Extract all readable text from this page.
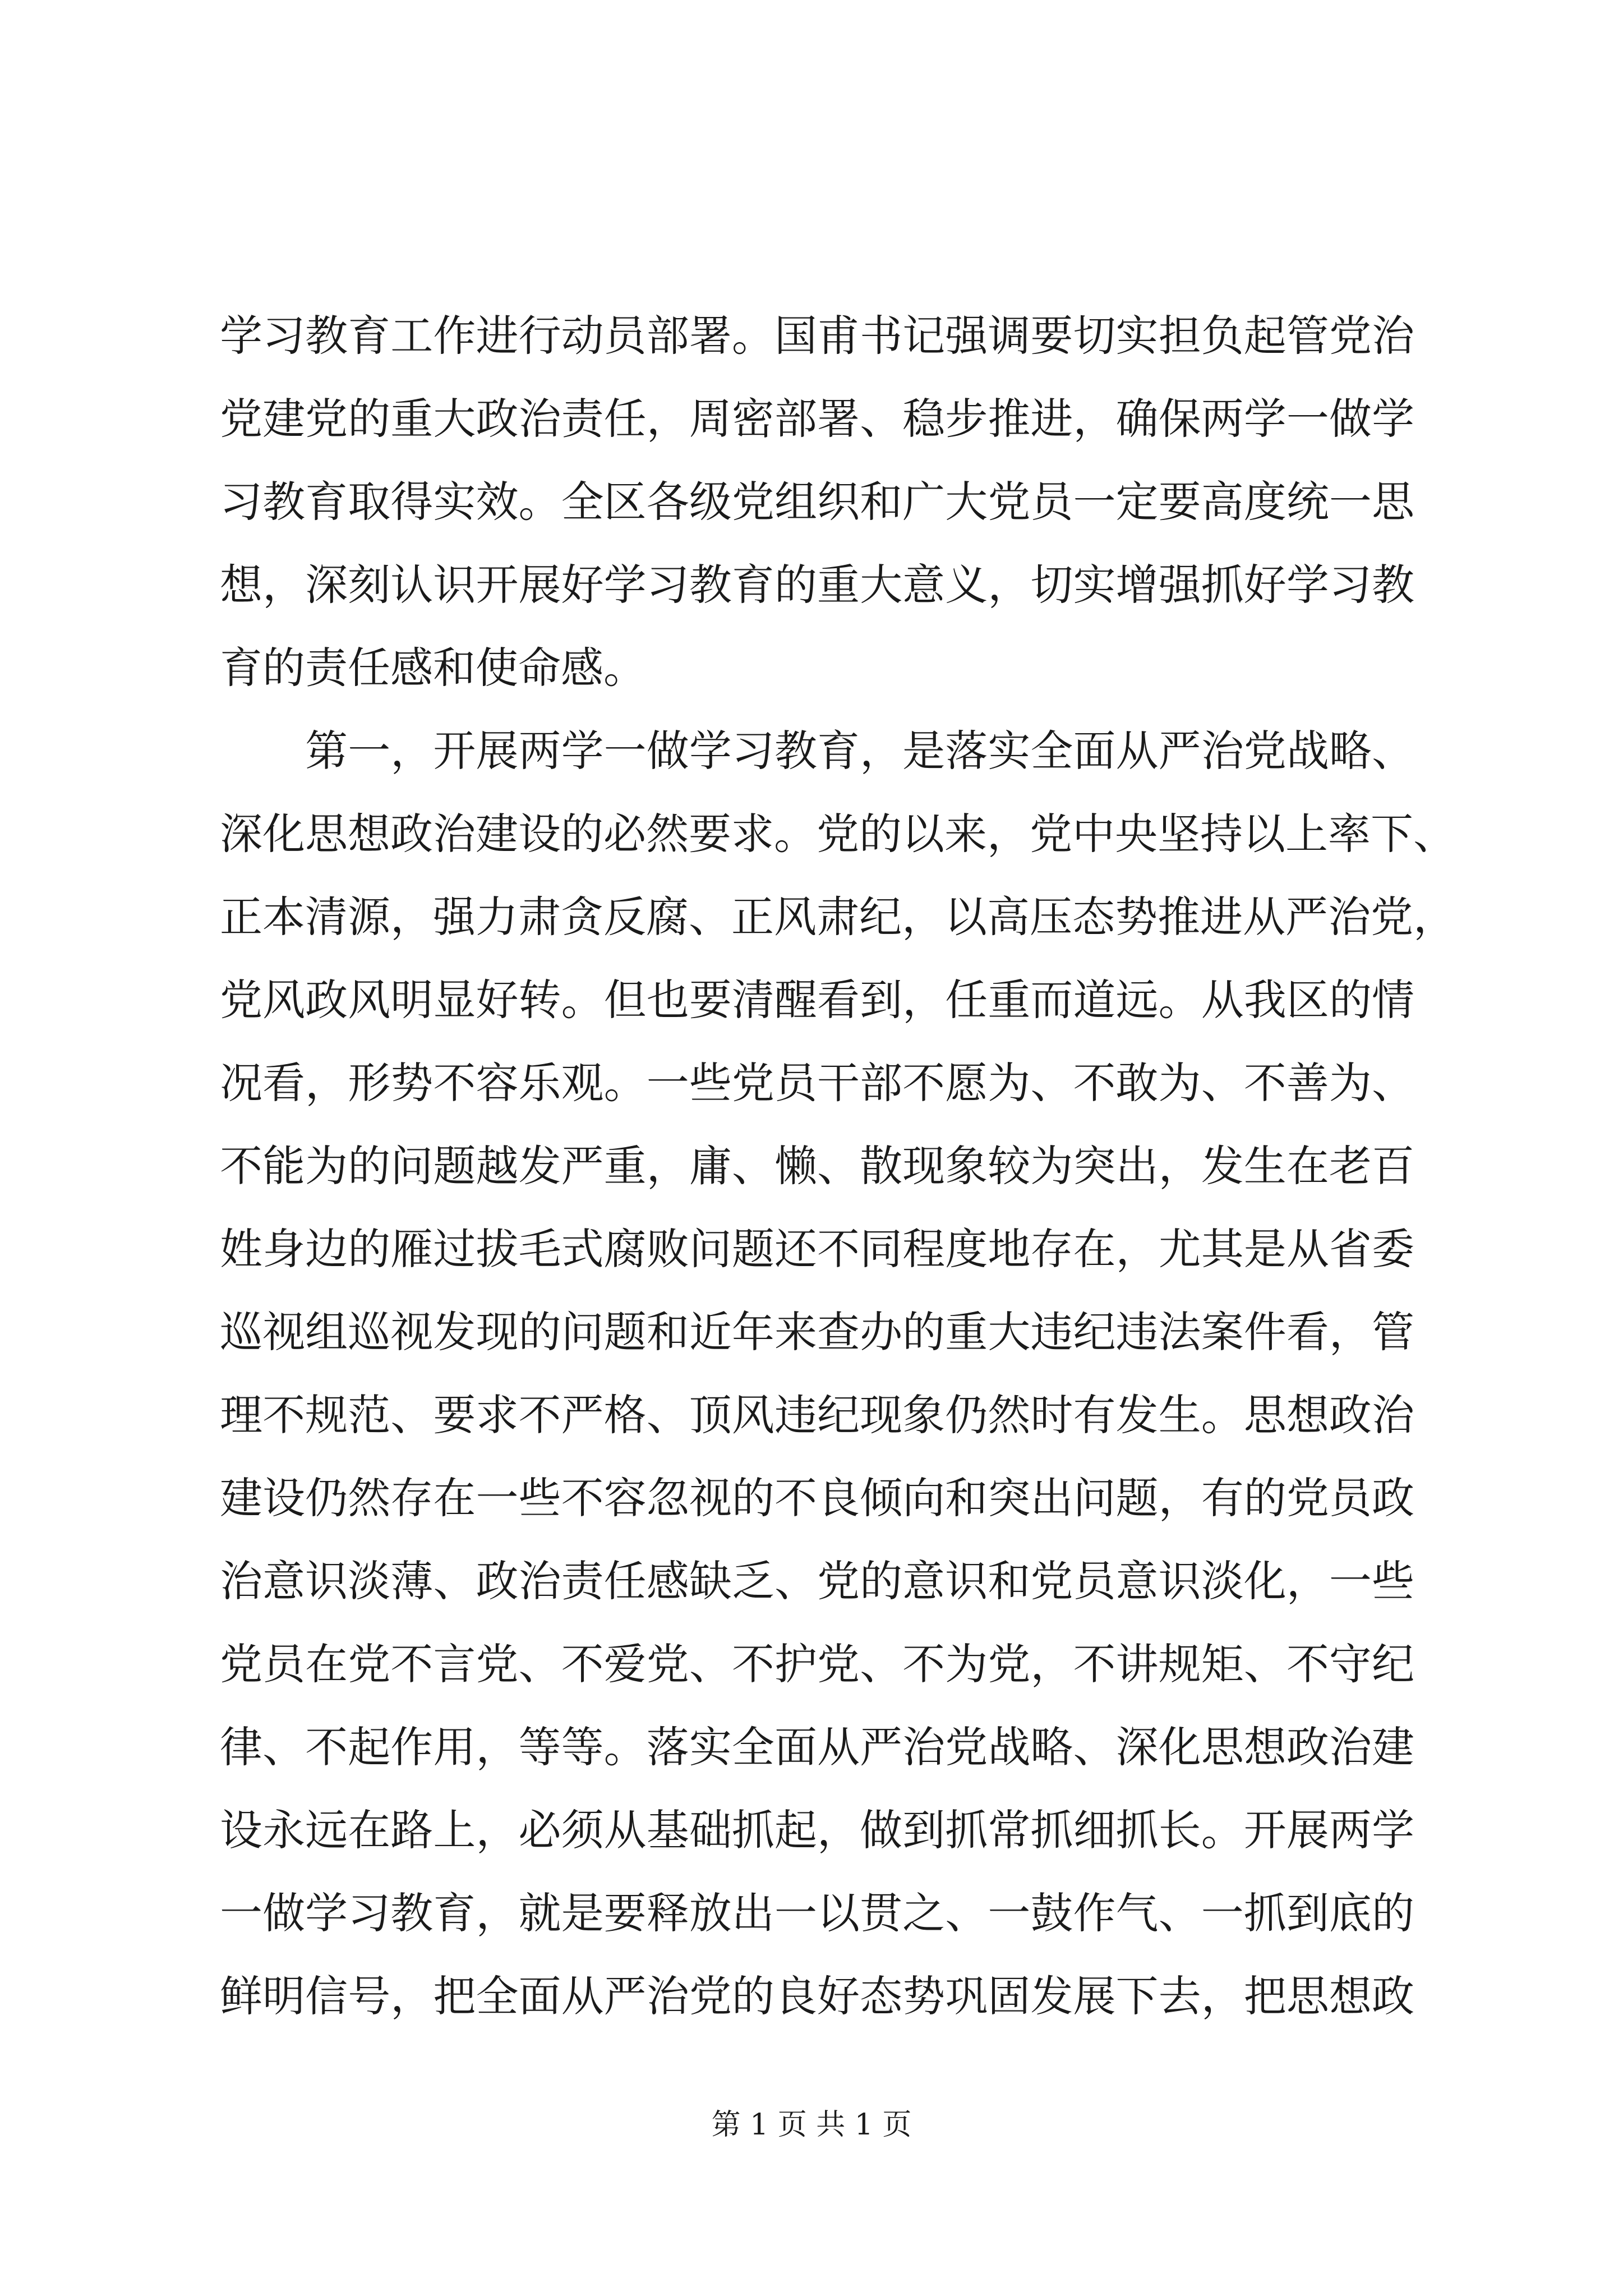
学习教育工作进行动员部署。国甫书记强调要切实担负起管党治
党建党的重大政治责任，周密部署、稳步推进，确保两学一做学
习教育取得实效。全区各级党组织和广大党员一定要高度统一思
想，深刻认识开展好学习教育的重大意义，切实增强抓好学习教
育的责任感和使命感。
　　第一，开展两学一做学习教育，是落实全面从严治党战略、
深化思想政治建设的必然要求。党的以来，党中央坚持以上率下、
正本清源，强力肃贪反腐、正风肃纪，以高压态势推进从严治党，
党风政风明显好转。但也要清醒看到，任重而道远。从我区的情
况看，形势不容乐观。一些党员干部不愿为、不敢为、不善为、
不能为的问题越发严重，庸、懒、散现象较为突出，发生在老百
姓身边的雁过拔毛式腐败问题还不同程度地存在，尤其是从省委
巡视组巡视发现的问题和近年来查办的重大违纪违法案件看，管
理不规范、要求不严格、顶风违纪现象仍然时有发生。思想政治
建设仍然存在一些不容忽视的不良倾向和突出问题，有的党员政
治意识淡薄、政治责任感缺乏、党的意识和党员意识淡化，一些
党员在党不言党、不爱党、不护党、不为党，不讲规矩、不守纪
律、不起作用，等等。落实全面从严治党战略、深化思想政治建
设永远在路上，必须从基础抓起，做到抓常抓细抓长。开展两学
一做学习教育，就是要释放出一以贯之、一鼓作气、一抓到底的
鲜明信号，把全面从严治党的良好态势巩固发展下去，把思想政
第 1 页 共 1 页
